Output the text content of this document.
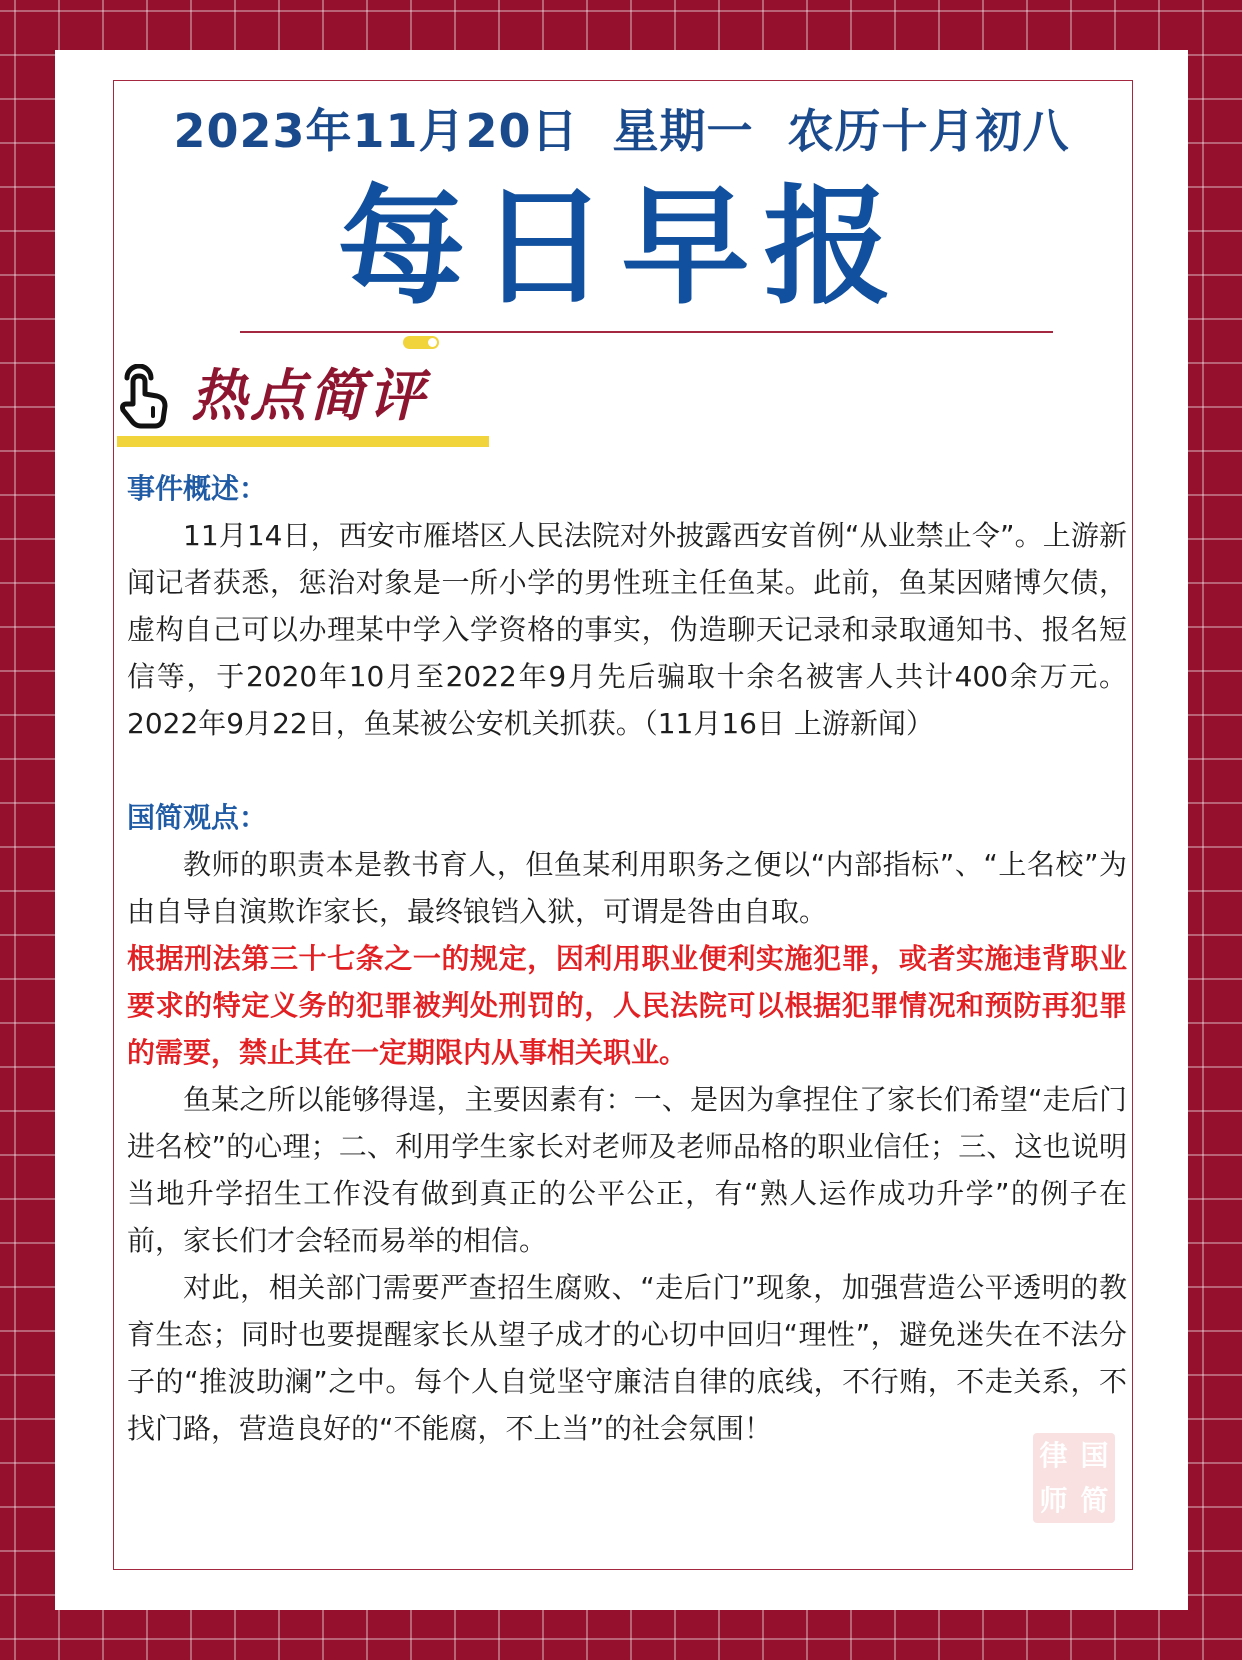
2023年11月20日  星期一  农历十月初八
每日早报
热点简评

事件概述：

11月14日，西安市雁塔区人民法院对外披露西安首例“从业禁止令”。上游新闻记者获悉，惩治对象是一所小学的男性班主任鱼某。此前，鱼某因赌博欠债，虚构自己可以办理某中学入学资格的事实，伪造聊天记录和录取通知书、报名短信等，于2020年10月至2022年9月先后骗取十余名被害人共计400余万元。2022年9月22日，鱼某被公安机关抓获。（11月16日 上游新闻）

国简观点：

教师的职责本是教书育人，但鱼某利用职务之便以“内部指标”、“上名校”为由自导自演欺诈家长，最终锒铛入狱，可谓是咎由自取。

根据刑法第三十七条之一的规定，因利用职业便利实施犯罪，或者实施违背职业要求的特定义务的犯罪被判处刑罚的，人民法院可以根据犯罪情况和预防再犯罪的需要，禁止其在一定期限内从事相关职业。

鱼某之所以能够得逞，主要因素有：一、是因为拿捏住了家长们希望“走后门进名校”的心理；二、利用学生家长对老师及老师品格的职业信任；三、这也说明当地升学招生工作没有做到真正的公平公正，有“熟人运作成功升学”的例子在前，家长们才会轻而易举的相信。

对此，相关部门需要严查招生腐败、“走后门”现象，加强营造公平透明的教育生态；同时也要提醒家长从望子成才的心切中回归“理性”，避免迷失在不法分子的“推波助澜”之中。每个人自觉坚守廉洁自律的底线，不行贿，不走关系，不找门路，营造良好的“不能腐，不上当”的社会氛围！

律 国
师 简
